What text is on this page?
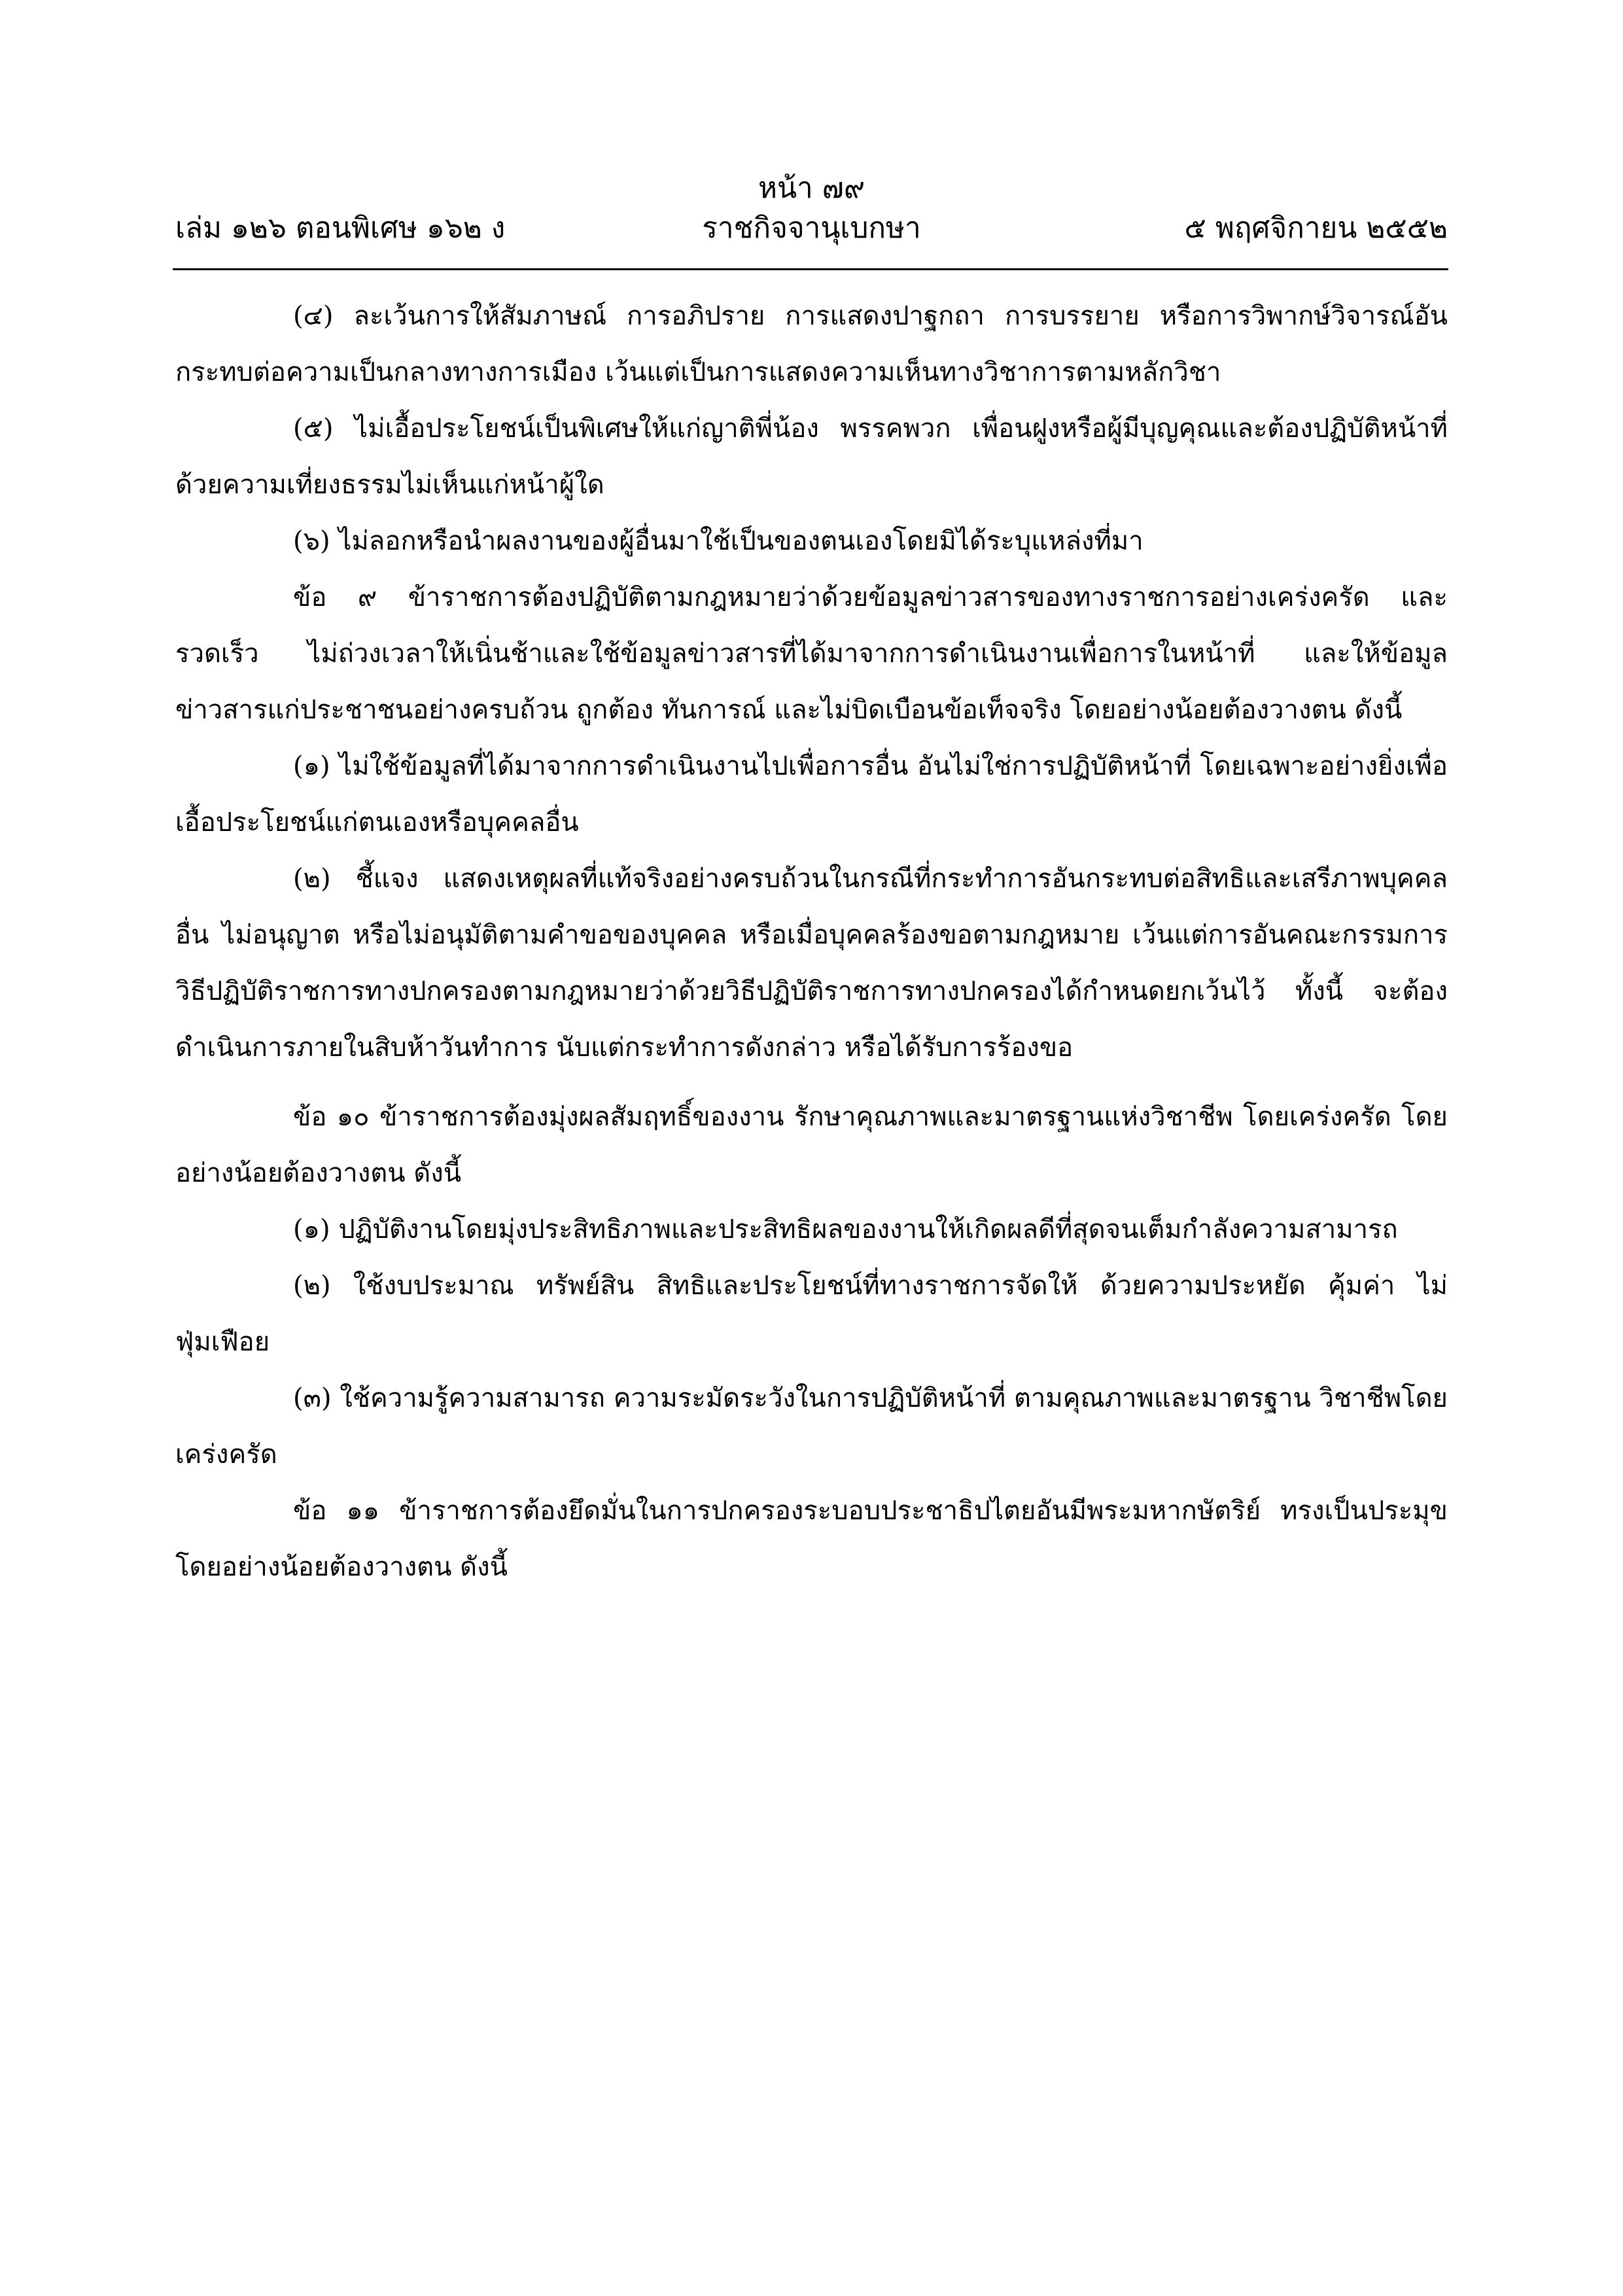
หน้า ๗๙
ราชกิจจานุเบกษา
เล่ม ๑๒๖ ตอนพิเศษ ๑๖๒ ง	๕ พฤศจิกายน ๒๕๕๒

(๔) ละเว้นการให้สัมภาษณ์ การอภิปราย การแสดงปาฐกถา การบรรยาย หรือการวิพากษ์วิจารณ์อันกระทบต่อความเป็นกลางทางการเมือง เว้นแต่เป็นการแสดงความเห็นทางวิชาการตามหลักวิชา

(๕) ไม่เอื้อประโยชน์เป็นพิเศษให้แก่ญาติพี่น้อง พรรคพวก เพื่อนฝูงหรือผู้มีบุญคุณและต้องปฏิบัติหน้าที่ด้วยความเที่ยงธรรมไม่เห็นแก่หน้าผู้ใด

(๖) ไม่ลอกหรือนำผลงานของผู้อื่นมาใช้เป็นของตนเองโดยมิได้ระบุแหล่งที่มา

ข้อ ๙ ข้าราชการต้องปฏิบัติตามกฎหมายว่าด้วยข้อมูลข่าวสารของทางราชการอย่างเคร่งครัด และรวดเร็ว ไม่ถ่วงเวลาให้เนิ่นช้าและใช้ข้อมูลข่าวสารที่ได้มาจากการดำเนินงานเพื่อการในหน้าที่ และให้ข้อมูลข่าวสารแก่ประชาชนอย่างครบถ้วน ถูกต้อง ทันการณ์ และไม่บิดเบือนข้อเท็จจริง โดยอย่างน้อยต้องวางตน ดังนี้

(๑) ไม่ใช้ข้อมูลที่ได้มาจากการดำเนินงานไปเพื่อการอื่น อันไม่ใช่การปฏิบัติหน้าที่ โดยเฉพาะอย่างยิ่งเพื่อเอื้อประโยชน์แก่ตนเองหรือบุคคลอื่น

(๒) ชี้แจง แสดงเหตุผลที่แท้จริงอย่างครบถ้วนในกรณีที่กระทำการอันกระทบต่อสิทธิและเสรีภาพบุคคลอื่น ไม่อนุญาต หรือไม่อนุมัติตามคำขอของบุคคล หรือเมื่อบุคคลร้องขอตามกฎหมาย เว้นแต่การอันคณะกรรมการวิธีปฏิบัติราชการทางปกครองตามกฎหมายว่าด้วยวิธีปฏิบัติราชการทางปกครองได้กำหนดยกเว้นไว้ ทั้งนี้ จะต้องดำเนินการภายในสิบห้าวันทำการ นับแต่กระทำการดังกล่าว หรือได้รับการร้องขอ

ข้อ ๑๐ ข้าราชการต้องมุ่งผลสัมฤทธิ์ของงาน รักษาคุณภาพและมาตรฐานแห่งวิชาชีพ โดยเคร่งครัด โดยอย่างน้อยต้องวางตน ดังนี้

(๑) ปฏิบัติงานโดยมุ่งประสิทธิภาพและประสิทธิผลของงานให้เกิดผลดีที่สุดจนเต็มกำลังความสามารถ

(๒) ใช้งบประมาณ ทรัพย์สิน สิทธิและประโยชน์ที่ทางราชการจัดให้ ด้วยความประหยัด คุ้มค่า ไม่ฟุ่มเฟือย

(๓) ใช้ความรู้ความสามารถ ความระมัดระวังในการปฏิบัติหน้าที่ ตามคุณภาพและมาตรฐาน วิชาชีพโดยเคร่งครัด

ข้อ ๑๑ ข้าราชการต้องยึดมั่นในการปกครองระบอบประชาธิปไตยอันมีพระมหากษัตริย์ ทรงเป็นประมุข โดยอย่างน้อยต้องวางตน ดังนี้
